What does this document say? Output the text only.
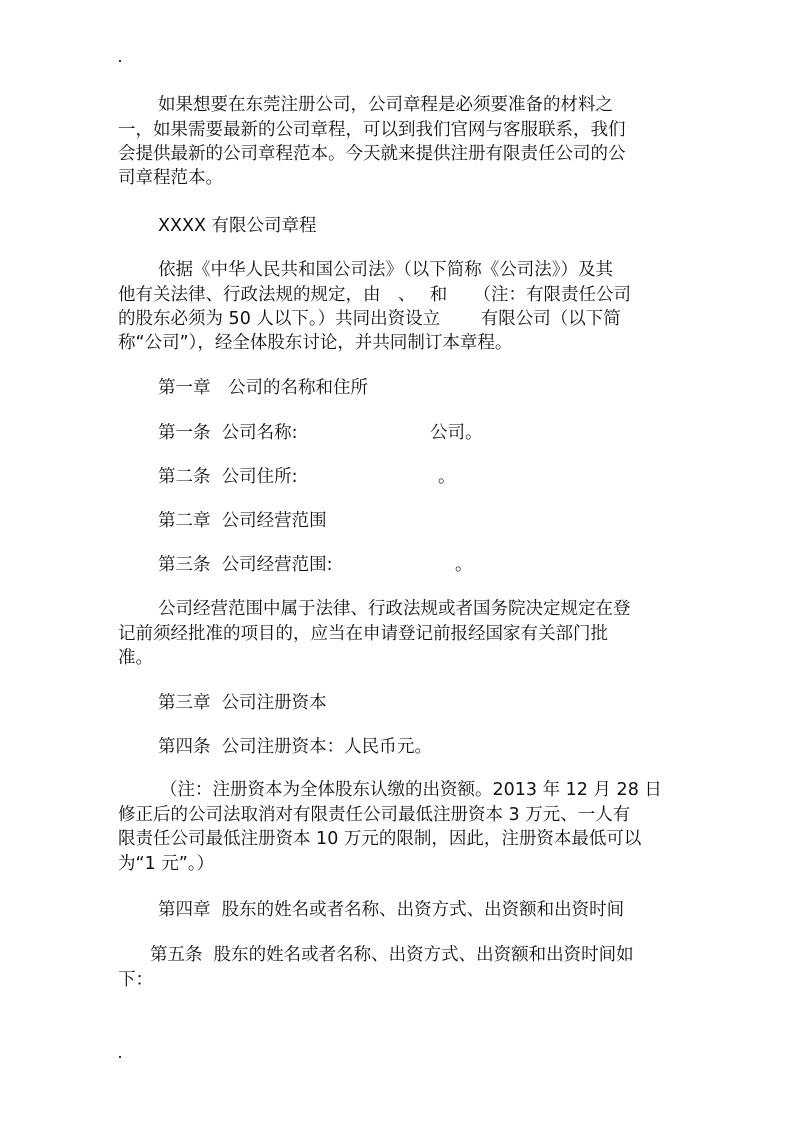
如果想要在东莞注册公司，公司章程是必须要准备的材料之
一，如果需要最新的公司章程，可以到我们官网与客服联系，我们
会提供最新的公司章程范本。今天就来提供注册有限责任公司的公
司章程范本。
XXXX 有限公司章程
依据《中华人民共和国公司法》（以下简称《公司法》）及其
他有关法律、行政法规的规定，由　、　 和　　（注：有限责任公司
的股东必须为 50 人以下。）共同出资设立　　 有限公司（以下简
称“公司”），经全体股东讨论，并共同制订本章程。
第一章　公司的名称和住所
第一条  公司名称:	公司。
第二条  公司住所:	。
第二章  公司经营范围
第三条  公司经营范围:	。
公司经营范围中属于法律、行政法规或者国务院决定规定在登
记前须经批准的项目的，应当在申请登记前报经国家有关部门批
准。
第三章  公司注册资本
第四条  公司注册资本：人民币 元。
（注：注册资本为全体股东认缴的出资额。2013 年 12 月 28 日
修正后的公司法取消对有限责任公司最低注册资本 3 万元、一人有
限责任公司最低注册资本 10 万元的限制，因此，注册资本最低可以
为“1 元”。）
第四章  股东的姓名或者名称、出资方式、出资额和出资时间
第五条  股东的姓名或者名称、出资方式、出资额和出资时间如
下：
